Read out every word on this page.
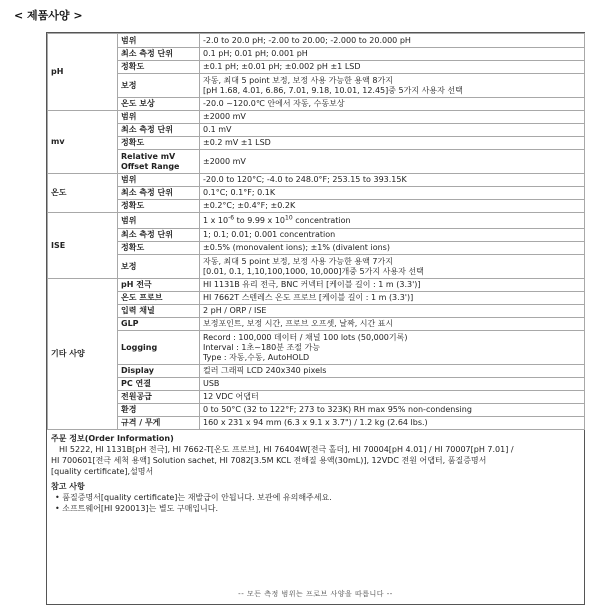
< 제품사양 >
pH	범위	-2.0 to 20.0 pH; -2.00 to 20.00; -2.000 to 20.000 pH

	최소 측정 단위	0.1 pH; 0.01 pH; 0.001 pH

	정확도	±0.1 pH; ±0.01 pH; ±0.002 pH ±1 LSD

	보정	자동, 최대 5 point 보정, 보정 사용 가능한 용액 8가지
[pH 1.68, 4.01, 6.86, 7.01, 9.18, 10.01, 12.45]중 5가지 사용자 선택

	온도 보상	-20.0 ~120.0℃ 안에서 자동, 수동보상

mv	범위	±2000 mV

	최소 측정 단위	0.1 mV

	정확도	±0.2 mV ±1 LSD

	Relative mV
Offset Range	±2000 mV

온도	범위	-20.0 to 120°C; -4.0 to 248.0°F; 253.15 to 393.15K

	최소 측정 단위	0.1°C; 0.1°F; 0.1K

	정확도	±0.2°C; ±0.4°F; ±0.2K

ISE	범위	1 x $10^{-6}$ to 9.99 x $10^{10}$ concentration

	최소 측정 단위	1; 0.1; 0.01; 0.001 concentration

	정확도	±0.5% (monovalent ions); ±1% (divalent ions)

	보정	자동, 최대 5 point 보정, 보정 사용 가능한 용액 7가지
[0.01, 0.1, 1,10,100,1000, 10,000]개중 5가지 사용자 선택

기타 사양	pH 전극	HI 1131B 유리 전극, BNC 커넥터 [케이블 길이 : 1 m (3.3')]

	온도 프로브	HI 7662T 스텐레스 온도 프로브 [케이블 길이 : 1 m (3.3')]

	입력 채널	2 pH / ORP / ISE

	GLP	보정포인트, 보정 시간, 프로브 오프셋, 날짜, 시간 표시

	Logging	Record : 100,000 데이터 / 채널 100 lots (50,000기록)
Interval : 1초~180분 조절 가능
Type : 자동,수동, AutoHOLD

	Display	컬러 그래픽 LCD 240x340 pixels

	PC 연결	USB

	전원공급	12 VDC 어댑터

	환경	0 to 50°C (32 to 122°F; 273 to 323K) RH max 95% non-condensing

	규격 / 무게	160 x 231 x 94 mm (6.3 x 9.1 x 3.7") / 1.2 kg (2.64 lbs.)
주문 정보(Order Information)
HI 5222, HI 1131B[pH 전극], HI 7662-T[온도 프로브], HI 76404W[전극 홀더], HI 70004[pH 4.01] / HI 70007[pH 7.01] /
HI 700601[전극 세척 용액] Solution sachet, HI 7082[3.5M KCL 전해질 용액(30mL)], 12VDC 전원 어댑터, 품질증명서
[quality certificate],설명서
참고 사항
• 품질증명서[quality certificate]는 재발급이 안됩니다. 보관에 유의해주세요.
• 소프트웨어[HI 920013]는 별도 구매입니다.
-- 모든 측정 범위는 프로브 사양을 따릅니다 --
